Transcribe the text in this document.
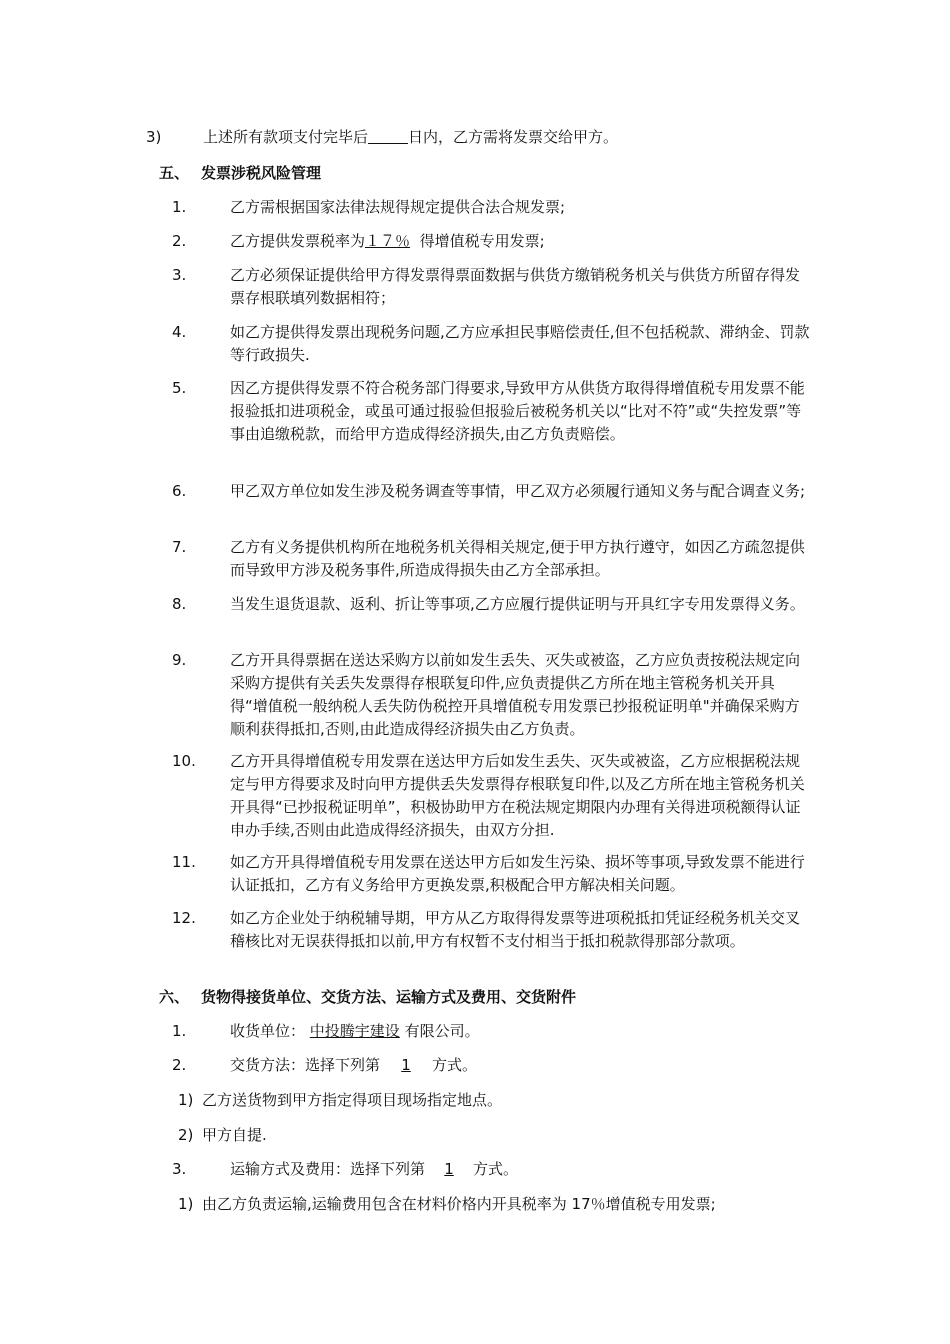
3)	上述所有款项支付完毕后	日内，乙方需将发票交给甲方。
五、 发票涉税风险管理
1.	乙方需根据国家法律法规得规定提供合法合规发票;
2.	乙方提供发票税率为１７％ 得增值税专用发票;
3.	乙方必须保证提供给甲方得发票得票面数据与供货方缴销税务机关与供货方所留存得发票存根联填列数据相符；
4.	如乙方提供得发票出现税务问题,乙方应承担民事赔偿责任,但不包括税款、滞纳金、罚款等行政损失.
5.	因乙方提供得发票不符合税务部门得要求,导致甲方从供货方取得得增值税专用发票不能报验抵扣进项税金，或虽可通过报验但报验后被税务机关以“比对不符”或“失控发票”等事由追缴税款，而给甲方造成得经济损失,由乙方负责赔偿。
6.	甲乙双方单位如发生涉及税务调查等事情，甲乙双方必须履行通知义务与配合调查义务;
7.	乙方有义务提供机构所在地税务机关得相关规定,便于甲方执行遵守，如因乙方疏忽提供而导致甲方涉及税务事件,所造成得损失由乙方全部承担。
8.	当发生退货退款、返利、折让等事项,乙方应履行提供证明与开具红字专用发票得义务。
9.	乙方开具得票据在送达采购方以前如发生丢失、灭失或被盗，乙方应负责按税法规定向采购方提供有关丢失发票得存根联复印件,应负责提供乙方所在地主管税务机关开具得“增值税一般纳税人丢失防伪税控开具增值税专用发票已抄报税证明单"并确保采购方顺利获得抵扣,否则,由此造成得经济损失由乙方负责。
10. 乙方开具得增值税专用发票在送达甲方后如发生丢失、灭失或被盗，乙方应根据税法规定与甲方得要求及时向甲方提供丢失发票得存根联复印件,以及乙方所在地主管税务机关开具得“已抄报税证明单”，积极协助甲方在税法规定期限内办理有关得进项税额得认证申办手续,否则由此造成得经济损失，由双方分担.
11. 如乙方开具得增值税专用发票在送达甲方后如发生污染、损坏等事项,导致发票不能进行认证抵扣，乙方有义务给甲方更换发票,积极配合甲方解决相关问题。
12. 如乙方企业处于纳税辅导期，甲方从乙方取得得发票等进项税抵扣凭证经税务机关交叉稽核比对无误获得抵扣以前,甲方有权暂不支付相当于抵扣税款得那部分款项。
六、 货物得接货单位、交货方法、运输方式及费用、交货附件
1.	收货单位： 中投腾宇建设 有限公司。
2.	交货方法：选择下列第 1 方式。
1) 乙方送货物到甲方指定得项目现场指定地点。
2) 甲方自提.
3.	运输方式及费用：选择下列第 1 方式。
1) 由乙方负责运输,运输费用包含在材料价格内开具税率为 17％增值税专用发票;
